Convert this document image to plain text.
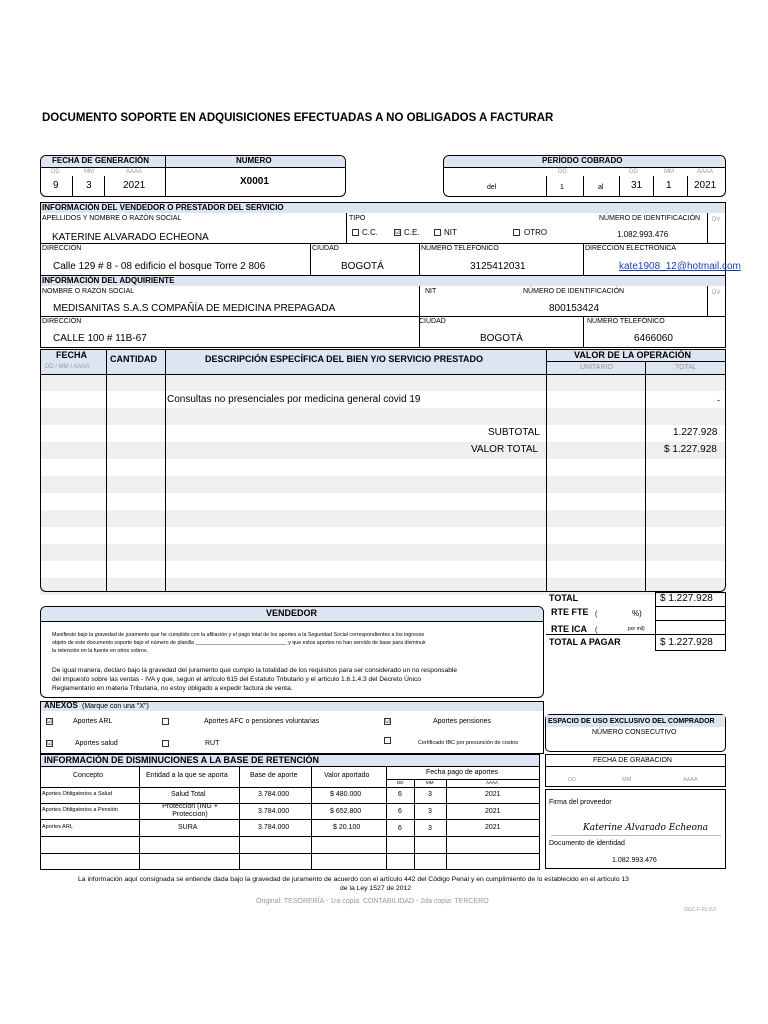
DOCUMENTO SOPORTE EN ADQUISICIONES EFECTUADAS A NO OBLIGADOS A FACTURAR
FECHA DE GENERACIÓN	NUMERO
DD	MM	AAAA
9	3	2021	X0001
PERÍODO COBRADO
DD	DD	MM	AAAA
del	1	al	31 1 2021
INFORMACIÓN DEL VENDEDOR O PRESTADOR DEL SERVICIO
APELLIDOS Y NOMBRE O RAZÓN SOCIAL	TIPO	NÚMERO DE IDENTIFICACIÓN DV
KATERINE ALVARADO ECHEONA	C.C.	☑ C.E.	NIT	OTRO	1.082.993.476
DIRECCIÓN	CIUDAD	NÚMERO TELEFÓNICO	DIRECCIÓN ELECTRÓNICA
Calle 129 # 8 - 08 edificio el bosque Torre 2 806	BOGOTÁ	3125412031	kate1908_12@hotmail.com
INFORMACIÓN DEL ADQUIRIENTE
NOMBRE O RAZÓN SOCIAL	NIT	NÚMERO DE IDENTIFICACIÓN	DV
MEDISANITAS S.A.S COMPAÑÍA DE MEDICINA PREPAGADA	800153424
DIRECCIÓN	CIUDAD	NÚMERO TELEFÓNICO
CALLE 100 # 11B-67	BOGOTÁ	6466060
FECHA
DD / MM / AAAA
CANTIDAD	DESCRIPCIÓN ESPECÍFICA DEL BIEN Y/O SERVICIO PRESTADO	VALOR DE LA OPERACIÓN
UNITARIO	TOTAL
Consultas no presenciales por medicina general covid 19	-
SUBTOTAL	1.227.928
VALOR TOTAL	$ 1.227.928
TOTAL	$ 1.227.928
RTE FTE (	%)
RTE ICA (	por mil)
TOTAL A PAGAR	$ 1.227.928
VENDEDOR
Manifiesto bajo la gravedad de juramento que he cumplido con la afiliación y el pago total de los aportes a la Seguridad Social correspondientes a los ingresos
objeto de este documento soporte bajo el número de planilla _______________________________ y que estos aportes no han servido de base para disminuir
la retención en la fuente en otros cobros.
De igual manera, declaro bajo la gravedad del juramento que cumplo la totalidad de los requisitos para ser considerado un no responsable
del impuesto sobre las ventas - IVA y que, segun el artículo 615 del Estatuto Tributario y el artículo 1.6.1.4.3 del Decreto Único
Reglamentario en materia Tributaria, no estoy obligado a expedir factura de venta.
ANEXOS (Marque con una "X")
☑	Aportes ARL	Aportes AFC o pensiones voluntarias	☑	Aportes pensiones
☑	Aportes salud	RUT	Certificado IBC por presunción de costos
ESPACIO DE USO EXCLUSIVO DEL COMPRADOR
NÚMERO CONSECUTIVO
FECHA DE GRABACION
DD	MM	AAAA
Firma del proveedor
Katerine Alvarado Echeona
Documento de identidad
1.082.993.476
INFORMACIÓN DE DISMINUCIONES A LA BASE DE RETENCIÓN
Concepto	Entidad a la que se aporta	Base de aporte	Valor aportado	Fecha pago de aportes
DD	MM	AAAA
Aportes Obligatorios a Salud	Salud Total	3.784.000	$ 480.000	6	3	2021
Aportes Obligatorios a Pensión	Proteccion (ING + Proteccion)	3.784.000	$ 652.800	6	3	2021
Aportes ARL	SURA	3.784.000	$ 20.100	6	3	2021
La información aquí consignada se entiende dada bajo la gravedad de juramento de acuerdo con el artículo 442 del Código Penal y en cumplimiento de lo establecido en el artículo 13
de la Ley 1527 de 2012
Original: TESORERÍA - 1ra copia: CONTABILIDAD - 2da copia: TERCERO
OGC-F-01.V.0
